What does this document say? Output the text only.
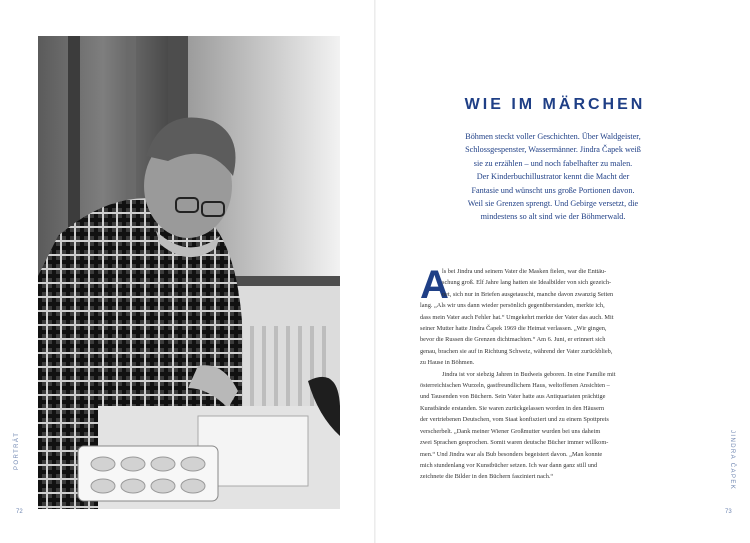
PORTRÄT
72
WIE IM MÄRCHEN
Böhmen steckt voller Geschichten. Über Waldgeister,
Schlossgespenster, Wassermänner. Jindra Čapek weiß
sie zu erzählen – und noch fabelhafter zu malen.
Der Kinderbuchillustrator kennt die Macht der
Fantasie und wünscht uns große Portionen davon.
Weil sie Grenzen sprengt. Und Gebirge versetzt, die
mindestens so alt sind wie der Böhmerwald.
A
ls bei Jindra und seinem Vater die Masken fielen, war die Enttäu-
schung groß. Elf Jahre lang hatten sie Idealbilder von sich gezeich-
net, sich nur in Briefen ausgetauscht, manche davon zwanzig Seiten
lang. „Als wir uns dann wieder persönlich gegenüberstanden, merkte ich,
dass mein Vater auch Fehler hat.“ Umgekehrt merkte der Vater das auch. Mit
seiner Mutter hatte Jindra Čapek 1969 die Heimat verlassen. „Wir gingen,
bevor die Russen die Grenzen dichtmachten.“ Am 6. Juni, er erinnert sich
genau, brachen sie auf in Richtung Schweiz, während der Vater zurückblieb,
zu Hause in Böhmen.
Jindra ist vor siebzig Jahren in Budweis geboren. In eine Familie mit
österreichischen Wurzeln, gastfreundlichem Haus, weltoffenen Ansichten –
und Tausenden von Büchern. Sein Vater hatte aus Antiquariaten prächtige
Kunstbände erstanden. Sie waren zurückgelassen worden in den Häusern
der vertriebenen Deutschen, vom Staat konfisziert und zu einem Spottpreis
verscherbelt. „Dank meiner Wiener Großmutter wurden bei uns daheim
zwei Sprachen gesprochen. Somit waren deutsche Bücher immer willkom-
men.“ Und Jindra war als Bub besonders begeistert davon. „Man konnte
mich stundenlang vor Kunstbücher setzen. Ich war dann ganz still und
zeichnete die Bilder in den Büchern fasziniert nach.“	JINDRA ČAPEK
73
